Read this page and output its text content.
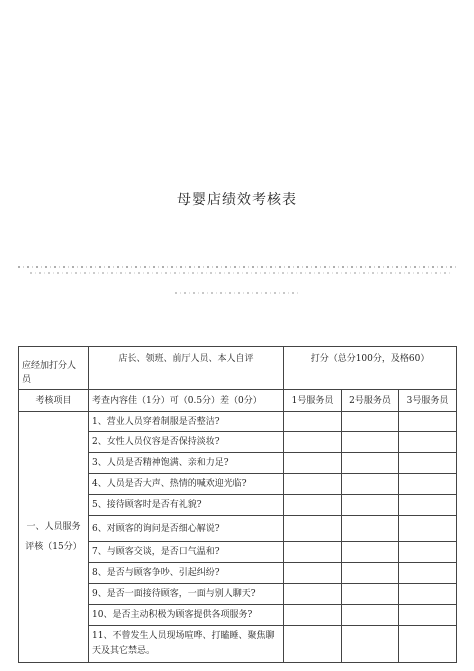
母婴店绩效考核表
应经加打分人 员	店长、领班、前厅人员、本人自评	打分（总分100分，及格60）		
考核项目	考查内容佳（1分）可（0.5分）差（0分）	1号服务员	2号服务员	3号服务员

一、人员服务
评核（15分）	1、营业人员穿着制服是否整洁?			
	2、女性人员仪容是否保持淡妆?			
	3、人员是否精神饱满、亲和力足?			
	4、人员是否大声、热情的喊欢迎光临?			
	5、接待顾客时是否有礼貌?			
	6、对顾客的询问是否细心解说?			
	7、与顾客交谈，是否口气温和?			
	8、是否与顾客争吵、引起纠纷?			
	9、是否一面接待顾客，一面与别人聊天?			
	10、是否主动积极为顾客提供各项服务?			
	11、不曾发生人员现场喧哗、打瞌睡、聚焦聊天及其它禁忌。			
